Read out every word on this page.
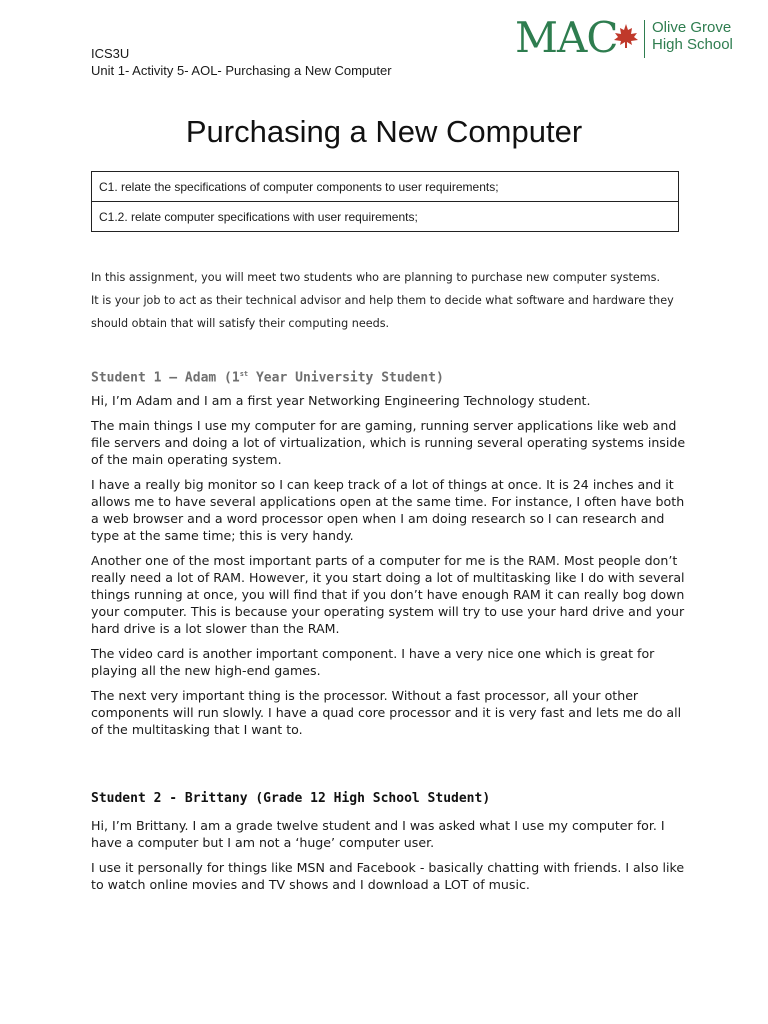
ICS3U
Unit 1- Activity 5- AOL- Purchasing a New Computer
MAC Olive Grove
High School
Purchasing a New Computer
C1. relate the specifications of computer components to user requirements;
C1.2. relate computer specifications with user requirements;

In this assignment, you will meet two students who are planning to purchase new computer systems.

It is your job to act as their technical advisor and help them to decide what software and hardware they

should obtain that will satisfy their computing needs.

Student 1 – Adam (1st Year University Student)

Hi, I’m Adam and I am a first year Networking Engineering Technology student.

The main things I use my computer for are gaming, running server applications like web and file servers and doing a lot of virtualization, which is running several operating systems inside of the main operating system.

I have a really big monitor so I can keep track of a lot of things at once. It is 24 inches and it allows me to have several applications open at the same time. For instance, I often have both a web browser and a word processor open when I am doing research so I can research and type at the same time; this is very handy.

Another one of the most important parts of a computer for me is the RAM. Most people don’t really need a lot of RAM. However, it you start doing a lot of multitasking like I do with several things running at once, you will find that if you don’t have enough RAM it can really bog down your computer. This is because your operating system will try to use your hard drive and your hard drive is a lot slower than the RAM.

The video card is another important component. I have a very nice one which is great for playing all the new high-end games.

The next very important thing is the processor. Without a fast processor, all your other components will run slowly. I have a quad core processor and it is very fast and lets me do all of the multitasking that I want to.

Student 2 - Brittany (Grade 12 High School Student)

Hi, I’m Brittany. I am a grade twelve student and I was asked what I use my computer for. I have a computer but I am not a ‘huge’ computer user.

I use it personally for things like MSN and Facebook - basically chatting with friends. I also like to watch online movies and TV shows and I download a LOT of music.
